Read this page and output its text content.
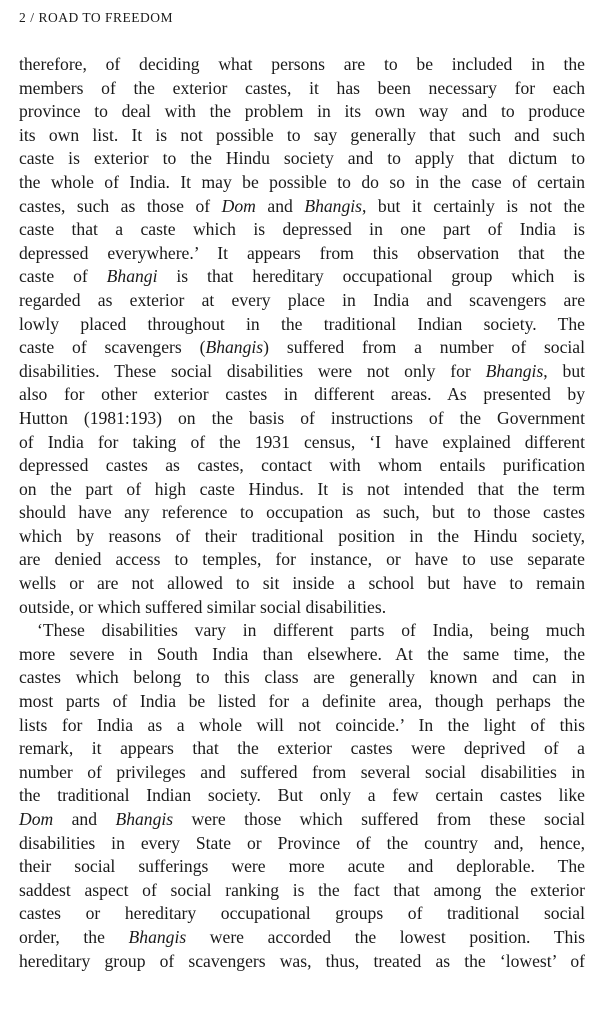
2 / ROAD TO FREEDOM
therefore, of deciding what persons are to be included in the
members of the exterior castes, it has been necessary for each
province to deal with the problem in its own way and to produce
its own list. It is not possible to say generally that such and such
caste is exterior to the Hindu society and to apply that dictum to
the whole of India. It may be possible to do so in the case of certain
castes, such as those of Dom and Bhangis, but it certainly is not the
caste that a caste which is depressed in one part of India is
depressed everywhere.’ It appears from this observation that the
caste of Bhangi is that hereditary occupational group which is
regarded as exterior at every place in India and scavengers are
lowly placed throughout in the traditional Indian society. The
caste of scavengers (Bhangis) suffered from a number of social
disabilities. These social disabilities were not only for Bhangis, but
also for other exterior castes in different areas. As presented by
Hutton (1981:193) on the basis of instructions of the Government
of India for taking of the 1931 census, ‘I have explained different
depressed castes as castes, contact with whom entails purification
on the part of high caste Hindus. It is not intended that the term
should have any reference to occupation as such, but to those castes
which by reasons of their traditional position in the Hindu society,
are denied access to temples, for instance, or have to use separate
wells or are not allowed to sit inside a school but have to remain
outside, or which suffered similar social disabilities.
‘These disabilities vary in different parts of India, being much
more severe in South India than elsewhere. At the same time, the
castes which belong to this class are generally known and can in
most parts of India be listed for a definite area, though perhaps the
lists for India as a whole will not coincide.’ In the light of this
remark, it appears that the exterior castes were deprived of a
number of privileges and suffered from several social disabilities in
the traditional Indian society. But only a few certain castes like
Dom and Bhangis were those which suffered from these social
disabilities in every State or Province of the country and, hence,
their social sufferings were more acute and deplorable. The
saddest aspect of social ranking is the fact that among the exterior
castes or hereditary occupational groups of traditional social
order, the Bhangis were accorded the lowest position. This
hereditary group of scavengers was, thus, treated as the ‘lowest’ of
